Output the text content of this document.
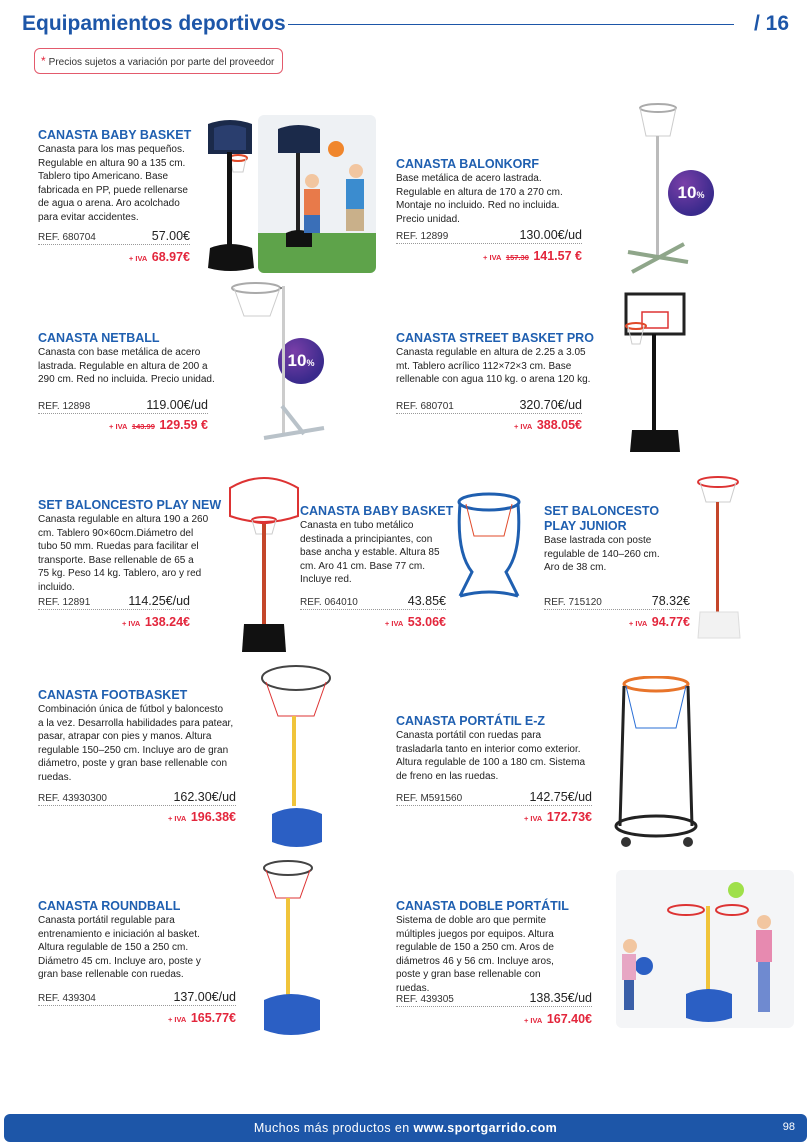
Equipamientos deportivos	/ 16
* Precios sujetos a variación por parte del proveedor
CANASTA BABY BASKET
Canasta para los mas pequeños.
Regulable en altura 90 a 135 cm.
Tablero tipo Americano. Base
fabricada en PP, puede rellenarse
de agua o arena. Aro acolchado
para evitar accidentes.
REF. 680704	57.00€
+ IVA 68.97€
CANASTA BALONKORF
Base metálica de acero lastrada.
Regulable en altura de 170 a 270 cm.
Montaje no incluido. Red no incluida.
Precio unidad.
REF. 12899	130.00€/ud
+ IVA 157.30 141.57 €
10%
CANASTA NETBALL
Canasta con base metálica de acero
lastrada. Regulable en altura de 200 a
290 cm. Red no incluida. Precio unidad.
REF. 12898	119.00€/ud
+ IVA 143.99 129.59 €
10%
CANASTA STREET BASKET PRO
Canasta regulable en altura de 2.25 a 3.05
mt. Tablero acrílico 112×72×3 cm. Base
rellenable con agua 110 kg. o arena 120 kg.
REF. 680701	320.70€/ud
+ IVA 388.05€
SET BALONCESTO PLAY NEW
Canasta regulable en altura 190 a 260
cm. Tablero 90×60cm.Diámetro del
tubo 50 mm. Ruedas para facilitar el
transporte. Base rellenable de 65 a
75 kg. Peso 14 kg. Tablero, aro y red
incluido.
REF. 12891	114.25€/ud
+ IVA 138.24€
CANASTA BABY BASKET
Canasta en tubo metálico
destinada a principiantes, con
base ancha y estable. Altura 85
cm. Aro 41 cm. Base 77 cm.
Incluye red.
REF. 064010	43.85€
+ IVA 53.06€
SET BALONCESTO
PLAY JUNIOR
Base lastrada con poste
regulable de 140–260 cm.
Aro de 38 cm.
REF. 715120	78.32€
+ IVA 94.77€
CANASTA FOOTBASKET
Combinación única de fútbol y baloncesto
a la vez. Desarrolla habilidades para patear,
pasar, atrapar con pies y manos. Altura
regulable 150–250 cm. Incluye aro de gran
diámetro, poste y gran base rellenable con
ruedas.
REF. 43930300	162.30€/ud
+ IVA 196.38€
CANASTA PORTÁTIL E-Z
Canasta portátil con ruedas para
trasladarla tanto en interior como exterior.
Altura regulable de 100 a 180 cm. Sistema
de freno en las ruedas.
REF. M591560	142.75€/ud
+ IVA 172.73€
CANASTA ROUNDBALL
Canasta portátil regulable para
entrenamiento e iniciación al basket.
Altura regulable de 150 a 250 cm.
Diámetro 45 cm. Incluye aro, poste y
gran base rellenable con ruedas.
REF. 439304	137.00€/ud
+ IVA 165.77€
CANASTA DOBLE PORTÁTIL
Sistema de doble aro que permite
múltiples juegos por equipos. Altura
regulable de 150 a 250 cm. Aros de
diámetros 46 y 56 cm. Incluye aros,
poste y gran base rellenable con
ruedas.
REF. 439305	138.35€/ud
+ IVA 167.40€
Muchos más productos en www.sportgarrido.com	98
